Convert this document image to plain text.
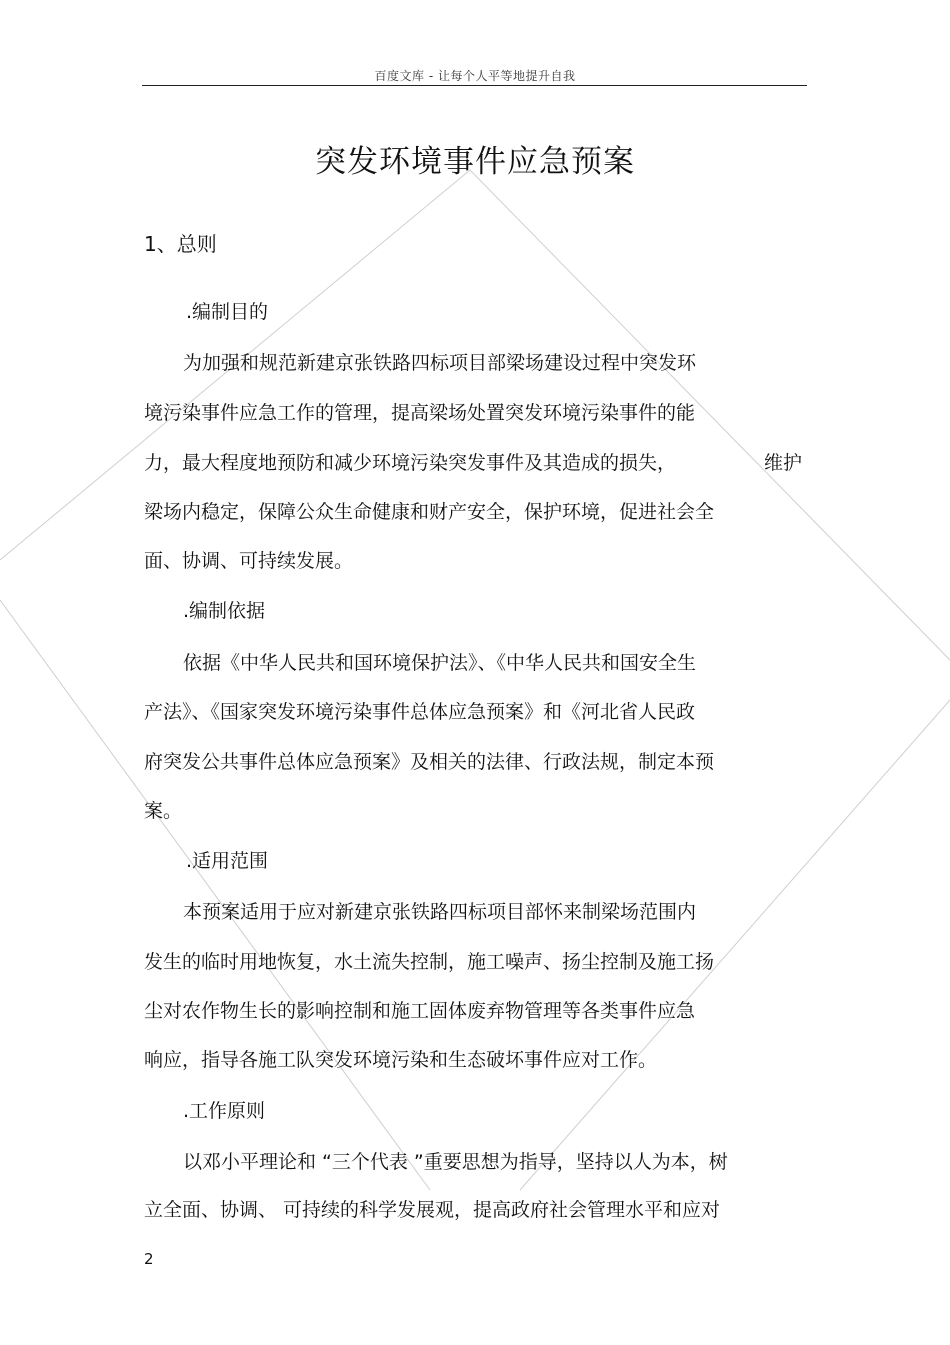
百度文库 - 让每个人平等地提升自我
突发环境事件应急预案
1、总则
.编制目的
为加强和规范新建京张铁路四标项目部梁场建设过程中突发环
境污染事件应急工作的管理，提高梁场处置突发环境污染事件的能
力，最大程度地预防和减少环境污染突发事件及其造成的损失，	维护
梁场内稳定，保障公众生命健康和财产安全，保护环境，促进社会全
面、协调、可持续发展。
.编制依据
依据《中华人民共和国环境保护法》、《中华人民共和国安全生
产法》、《国家突发环境污染事件总体应急预案》和《河北省人民政
府突发公共事件总体应急预案》及相关的法律、行政法规，制定本预
案。
.适用范围
本预案适用于应对新建京张铁路四标项目部怀来制梁场范围内
发生的临时用地恢复，水土流失控制，施工噪声、扬尘控制及施工扬
尘对农作物生长的影响控制和施工固体废弃物管理等各类事件应急
响应，指导各施工队突发环境污染和生态破坏事件应对工作。
.工作原则
以邓小平理论和 “三个代表 ”重要思想为指导，坚持以人为本，树
立全面、协调、 可持续的科学发展观，提高政府社会管理水平和应对
2
